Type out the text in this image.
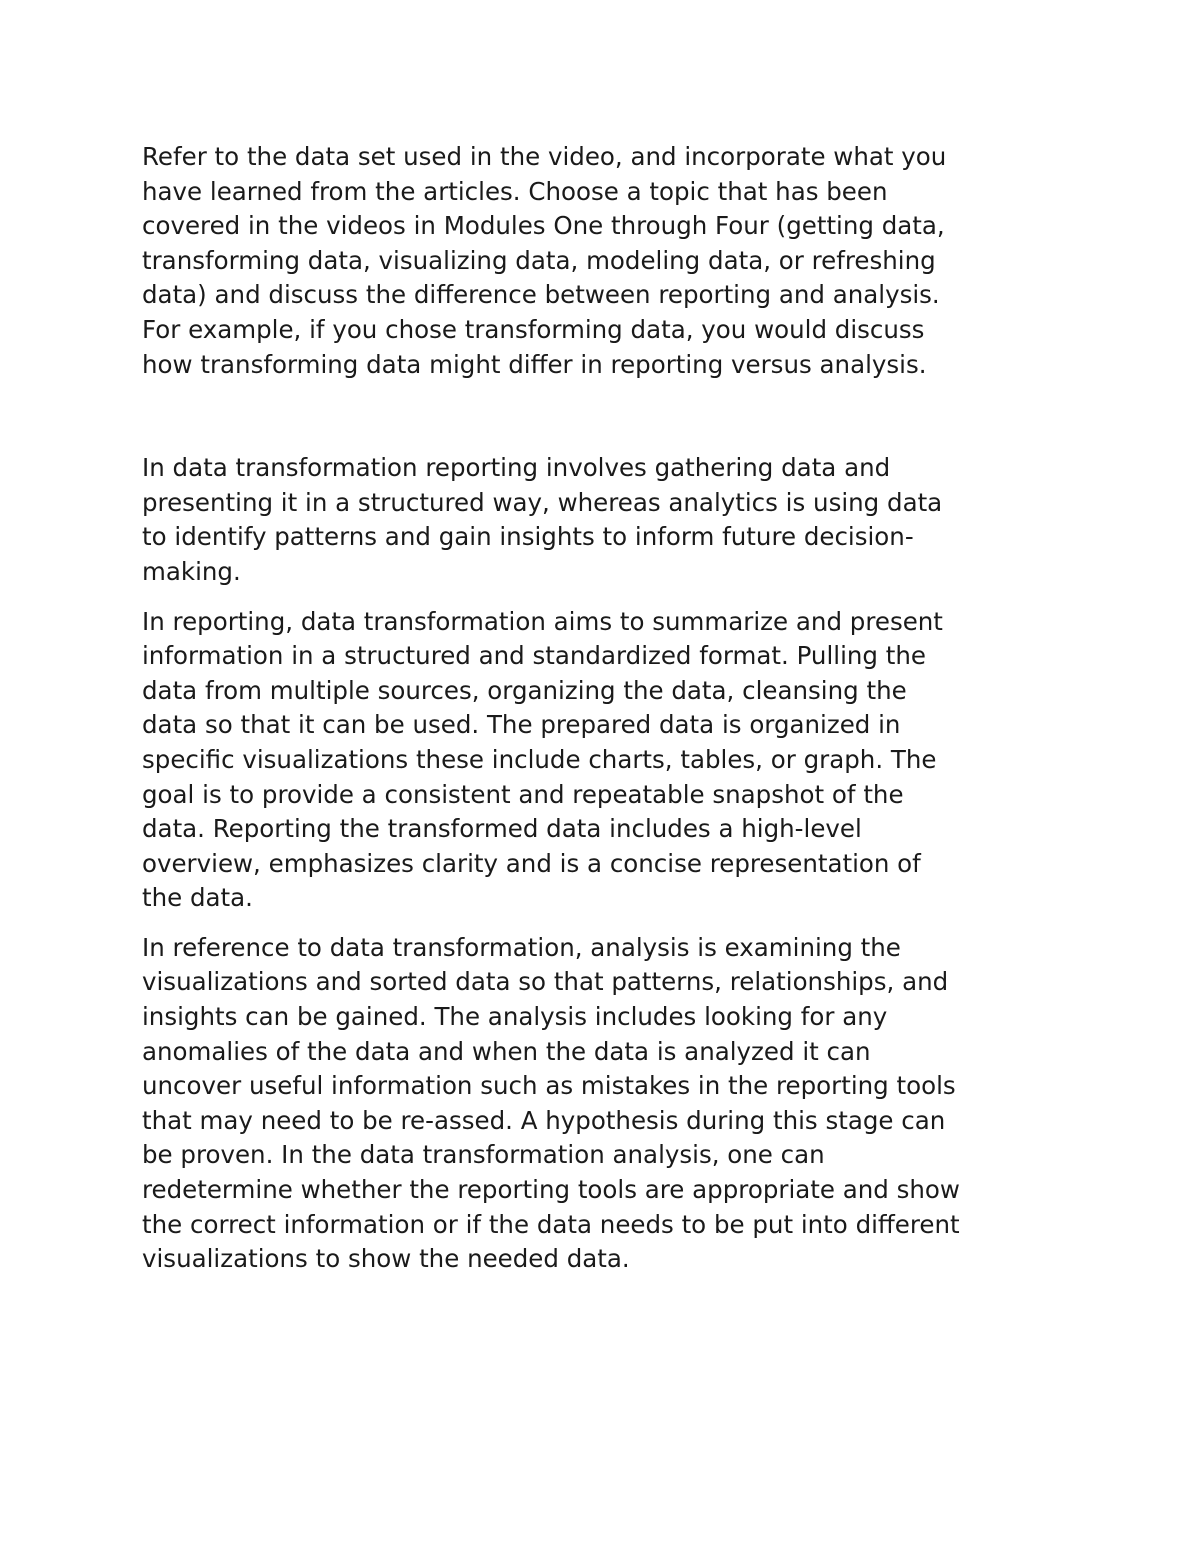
Refer to the data set used in the video, and incorporate what you
have learned from the articles. Choose a topic that has been
covered in the videos in Modules One through Four (getting data,
transforming data, visualizing data, modeling data, or refreshing
data) and discuss the difference between reporting and analysis.
For example, if you chose transforming data, you would discuss
how transforming data might differ in reporting versus analysis.

In data transformation reporting involves gathering data and
presenting it in a structured way, whereas analytics is using data
to identify patterns and gain insights to inform future decision-
making.

In reporting, data transformation aims to summarize and present
information in a structured and standardized format. Pulling the
data from multiple sources, organizing the data, cleansing the
data so that it can be used. The prepared data is organized in
specific visualizations these include charts, tables, or graph. The
goal is to provide a consistent and repeatable snapshot of the
data. Reporting the transformed data includes a high-level
overview, emphasizes clarity and is a concise representation of
the data.

In reference to data transformation, analysis is examining the
visualizations and sorted data so that patterns, relationships, and
insights can be gained. The analysis includes looking for any
anomalies of the data and when the data is analyzed it can
uncover useful information such as mistakes in the reporting tools
that may need to be re-assed. A hypothesis during this stage can
be proven. In the data transformation analysis, one can
redetermine whether the reporting tools are appropriate and show
the correct information or if the data needs to be put into different
visualizations to show the needed data.
